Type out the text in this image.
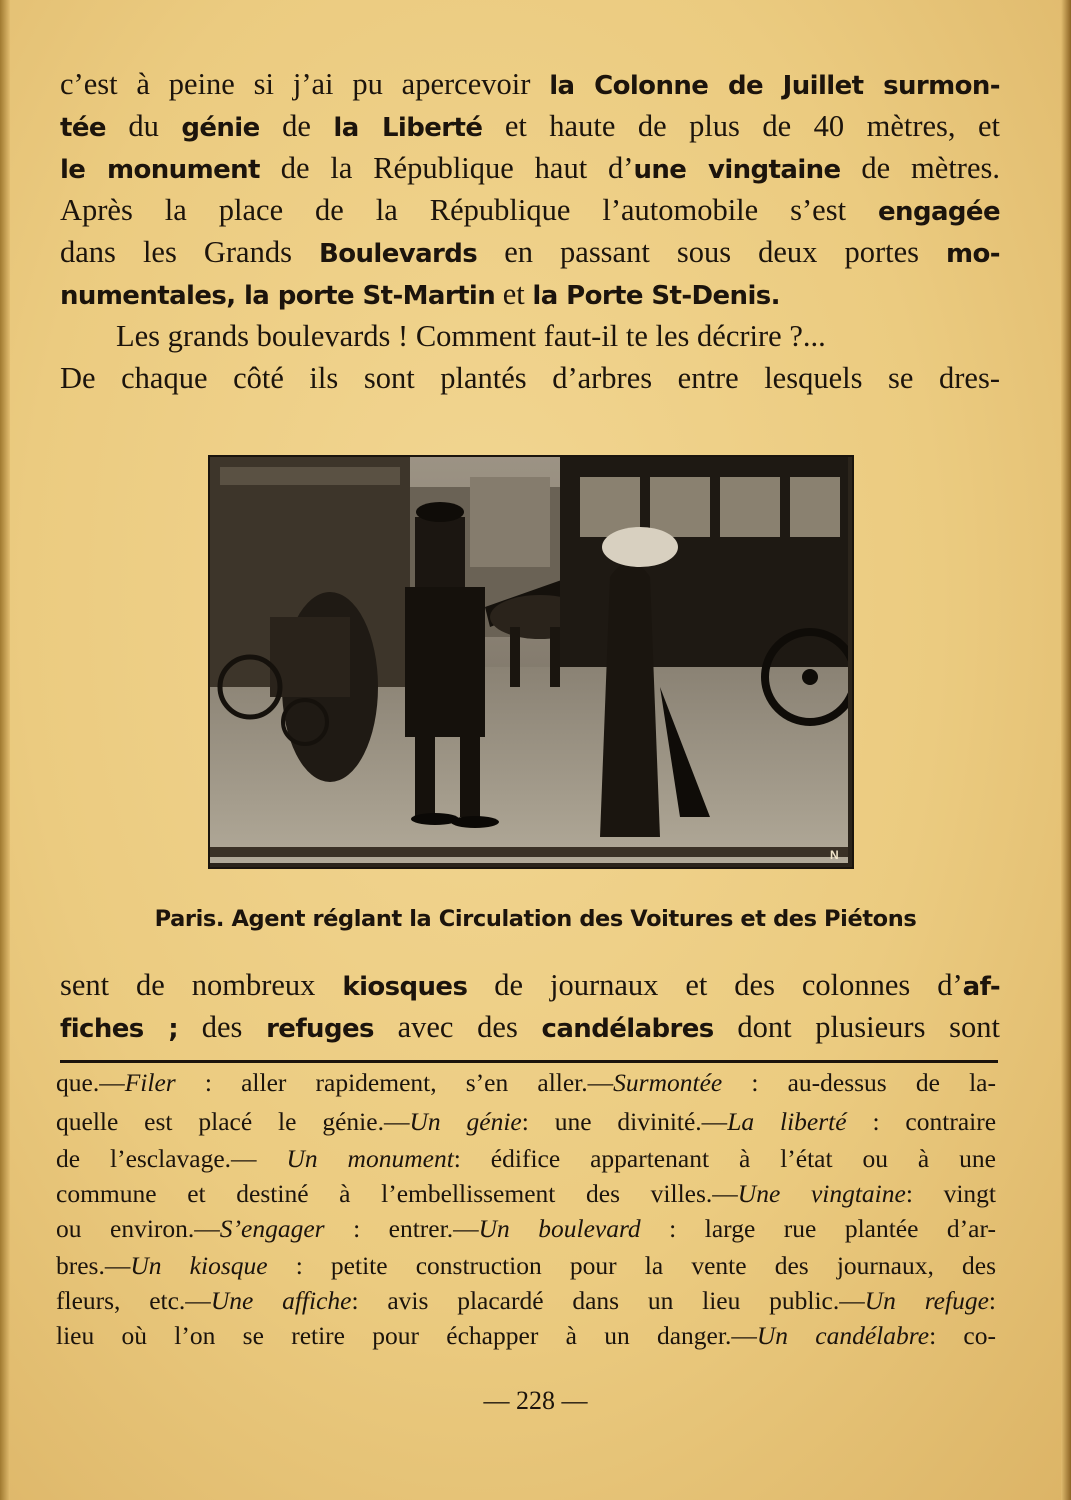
c’est à peine si j’ai pu apercevoir la Colonne de Juillet surmon-
tée du génie de la Liberté et haute de plus de 40 mètres, et
le monument de la République haut d’une vingtaine de mètres.
Après la place de la République l’automobile s’est engagée
dans les Grands Boulevards en passant sous deux portes mo-
numentales, la porte St-Martin et la Porte St-Denis.
Les grands boulevards ! Comment faut-il te les décrire ?...
De chaque côté ils sont plantés d’arbres entre lesquels se dres-
N
Paris. Agent réglant la Circulation des Voitures et des Piétons
sent de nombreux kiosques de journaux et des colonnes d’af-
fiches ; des refuges avec des candélabres dont plusieurs sont
que.—Filer : aller rapidement, s’en aller.—Surmontée : au-dessus de la-
quelle est placé le génie.—Un génie: une divinité.—La liberté : contraire
de l’esclavage.— Un monument: édifice appartenant à l’état ou à une
commune et destiné à l’embellissement des villes.—Une vingtaine: vingt
ou environ.—S’engager : entrer.—Un boulevard : large rue plantée d’ar-
bres.—Un kiosque : petite construction pour la vente des journaux, des
fleurs, etc.—Une affiche: avis placardé dans un lieu public.—Un refuge:
lieu où l’on se retire pour échapper à un danger.—Un candélabre: co-
— 228 —
